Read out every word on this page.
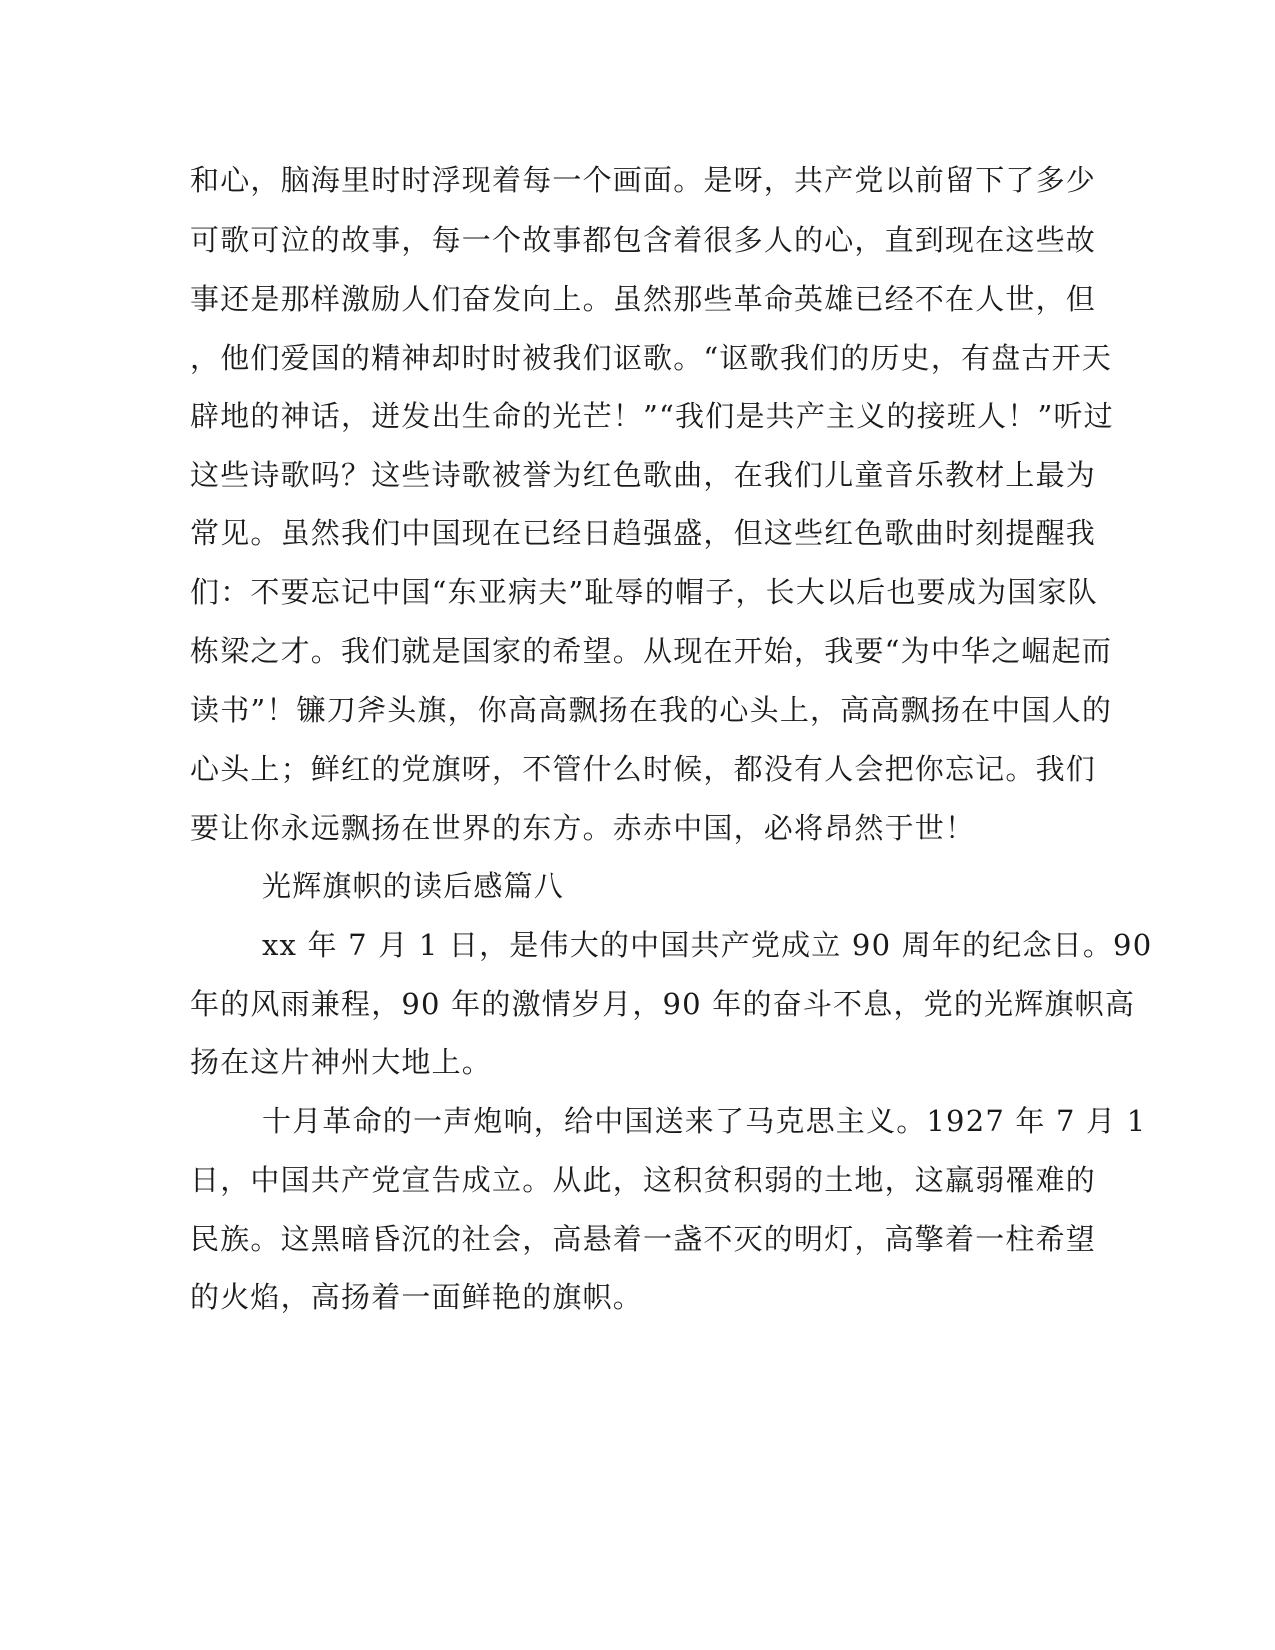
和心，脑海里时时浮现着每一个画面。是呀，共产党以前留下了多少
可歌可泣的故事，每一个故事都包含着很多人的心，直到现在这些故
事还是那样激励人们奋发向上。虽然那些革命英雄已经不在人世，但
，他们爱国的精神却时时被我们讴歌。“讴歌我们的历史，有盘古开天
辟地的神话，迸发出生命的光芒！”“我们是共产主义的接班人！”听过
这些诗歌吗？这些诗歌被誉为红色歌曲，在我们儿童音乐教材上最为
常见。虽然我们中国现在已经日趋强盛，但这些红色歌曲时刻提醒我
们：不要忘记中国“东亚病夫”耻辱的帽子，长大以后也要成为国家队
栋梁之才。我们就是国家的希望。从现在开始，我要“为中华之崛起而
读书”！镰刀斧头旗，你高高飘扬在我的心头上，高高飘扬在中国人的
心头上；鲜红的党旗呀，不管什么时候，都没有人会把你忘记。我们
要让你永远飘扬在世界的东方。赤赤中国，必将昂然于世！
光辉旗帜的读后感篇八
xx 年 7 月 1 日，是伟大的中国共产党成立 90 周年的纪念日。90
年的风雨兼程，90 年的激情岁月，90 年的奋斗不息，党的光辉旗帜高
扬在这片神州大地上。
十月革命的一声炮响，给中国送来了马克思主义。1927 年 7 月 1
日，中国共产党宣告成立。从此，这积贫积弱的土地，这羸弱罹难的
民族。这黑暗昏沉的社会，高悬着一盏不灭的明灯，高擎着一柱希望
的火焰，高扬着一面鲜艳的旗帜。
